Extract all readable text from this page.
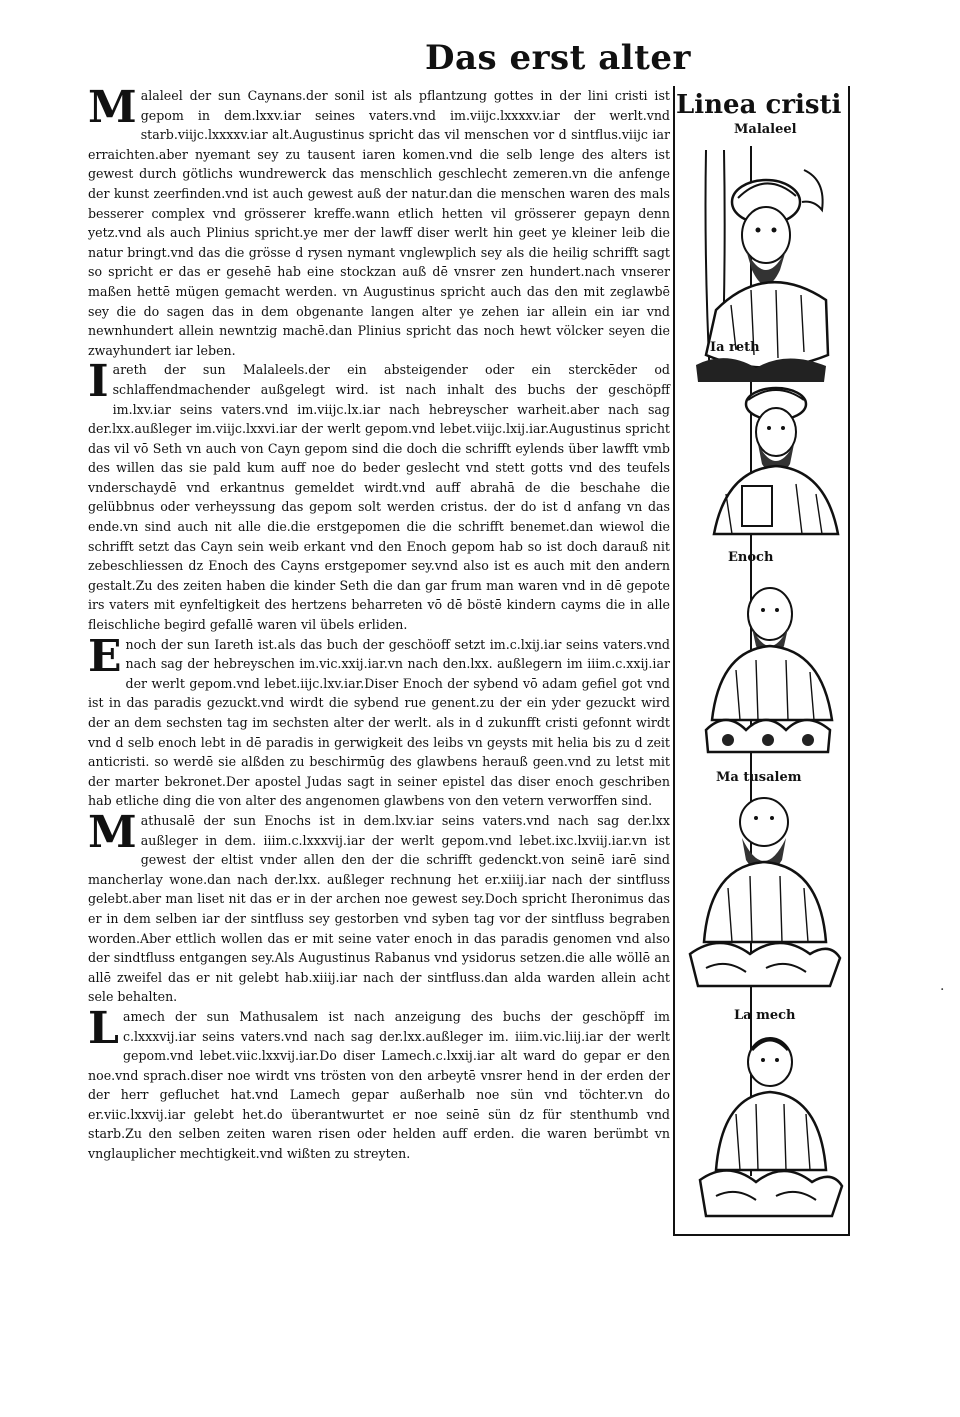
Das erst alter

Malaleel der sun Caynans.der sonil ist als pflantzung gottes in der lini cristi ist gepom in dem.lxxv.iar seines vaters.vnd im.viijc.lxxxxv.iar der werlt.vnd starb.viijc.lxxxxv.iar alt.Augustinus spricht das vil menschen vor d sintflus.viijc iar erraichten.aber nyemant sey zu tausent iaren komen.vnd die selb lenge des alters ist gewest durch götlichs wundrewerck das menschlich geschlecht zemeren.vn die anfenge der kunst zeerfinden.vnd ist auch gewest auß der natur.dan die menschen waren des mals besserer complex vnd grösserer kreffe.wann etlich hetten vil grösserer gepayn denn yetz.vnd als auch Plinius spricht.ye mer der lawff diser werlt hin geet ye kleiner leib die natur bringt.vnd das die grösse d rysen nymant vnglewplich sey als die heilig schrifft sagt so spricht er das er gesehē hab eine stockzan auß dē vnsrer zen hundert.nach vnserer maßen hettē mügen gemacht werden. vn Augustinus spricht auch das den mit zeglawbē sey die do sagen das in dem obgenante langen alter ye zehen iar allein ein iar vnd newnhundert allein newntzig machē.dan Plinius spricht das noch hewt völcker seyen die zwayhundert iar leben.

Iareth der sun Malaleels.der ein absteigender oder ein sterckēder od schlaffendmachender außgelegt wird. ist nach inhalt des buchs der geschöpff im.lxv.iar seins vaters.vnd im.viijc.lx.iar nach hebreyscher warheit.aber nach sag der.lxx.außleger im.viijc.lxxvi.iar der werlt gepom.vnd lebet.viijc.lxij.iar.Augustinus spricht das vil vō Seth vn auch von Cayn gepom sind die doch die schrifft eylends über lawfft vmb des willen das sie pald kum auff noe do beder geslecht vnd stett gotts vnd des teufels vnderschaydē vnd erkantnus gemeldet wirdt.vnd auff abrahā de die beschahe die gelübbnus oder verheyssung das gepom solt werden cristus. der do ist d anfang vn das ende.vn sind auch nit alle die.die erstgepomen die die schrifft benemet.dan wiewol die schrifft setzt das Cayn sein weib erkant vnd den Enoch gepom hab so ist doch darauß nit zebeschliessen dz Enoch des Cayns erstgepomer sey.vnd also ist es auch mit den andern gestalt.Zu des zeiten haben die kinder Seth die dan gar frum man waren vnd in dē gepote irs vaters mit eynfeltigkeit des hertzens beharreten vō dē böstē kindern cayms die in alle fleischliche begird gefallē waren vil übels erliden.

Enoch der sun Iareth ist.als das buch der geschöoff setzt im.c.lxij.iar seins vaters.vnd nach sag der hebreyschen im.vic.xxij.iar.vn nach den.lxx. außlegern im iiim.c.xxij.iar der werlt gepom.vnd lebet.iijc.lxv.iar.Diser Enoch der sybend vō adam gefiel got vnd ist in das paradis gezuckt.vnd wirdt die sybend rue genent.zu der ein yder gezuckt wird der an dem sechsten tag im sechsten alter der werlt. als in d zukunfft cristi gefonnt wirdt vnd d selb enoch lebt in dē paradis in gerwigkeit des leibs vn geysts mit helia bis zu d zeit anticristi. so werdē sie alßden zu beschirmūg des glawbens herauß geen.vnd zu letst mit der marter bekronet.Der apostel Judas sagt in seiner epistel das diser enoch geschriben hab etliche ding die von alter des angenomen glawbens von den vetern verworffen sind.

Mathusalē der sun Enochs ist in dem.lxv.iar seins vaters.vnd nach sag der.lxx außleger in dem. iiim.c.lxxxvij.iar der werlt gepom.vnd lebet.ixc.lxviij.iar.vn ist gewest der eltist vnder allen den der die schrifft gedenckt.von seinē iarē sind mancherlay wone.dan nach der.lxx. außleger rechnung het er.xiiij.iar nach der sintfluss gelebt.aber man liset nit das er in der archen noe gewest sey.Doch spricht Iheronimus das er in dem selben iar der sintfluss sey gestorben vnd syben tag vor der sintfluss begraben worden.Aber ettlich wollen das er mit seine vater enoch in das paradis genomen vnd also der sindtfluss entgangen sey.Als Augustinus Rabanus vnd ysidorus setzen.die alle wöllē an allē zweifel das er nit gelebt hab.xiiij.iar nach der sintfluss.dan alda warden allein acht sele behalten.

Lamech der sun Mathusalem ist nach anzeigung des buchs der geschöpff im c.lxxxvij.iar seins vaters.vnd nach sag der.lxx.außleger im. iiim.vic.liij.iar der werlt gepom.vnd lebet.viic.lxxvij.iar.Do diser Lamech.c.lxxij.iar alt ward do gepar er den noe.vnd sprach.diser noe wirdt vns trösten von den arbeytē vnsrer hend in der erden der der herr gefluchet hat.vnd Lamech gepar außerhalb noe sün vnd töchter.vn do er.viic.lxxvij.iar gelebt het.do überantwurtet er noe seinē sün dz für stenthumb vnd starb.Zu den selben zeiten waren risen oder helden auff erden. die waren berümbt vn vnglauplicher mechtigkeit.vnd wißten zu streyten.

Linea cristi
Malaleel
Ia reth
Enoch
Ma tusalem
La mech
·
